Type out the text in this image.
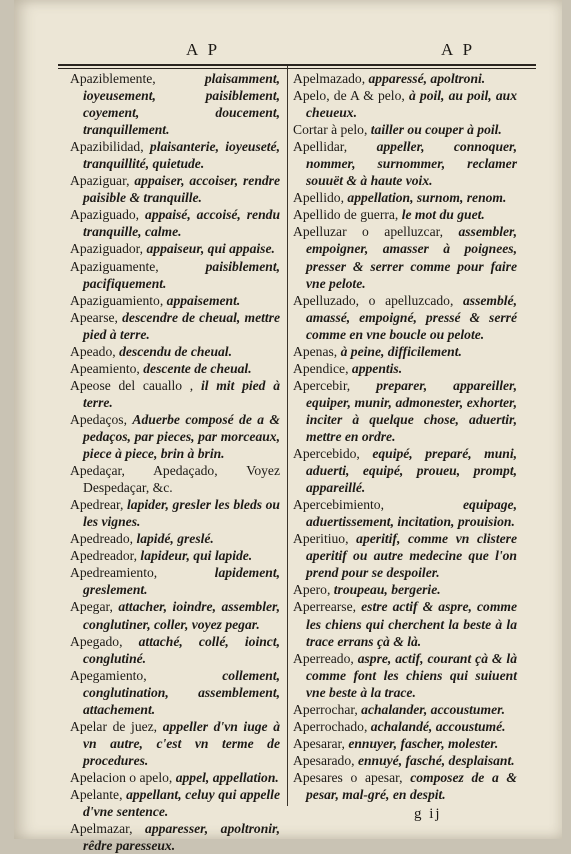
A P	A P

Apaziblemente,	plaisamment, ioyeusement, paisiblement, coyement, doucement, tranquillement.

Apazibilidad, plaisanterie, ioyeuseté, tranquillité, quietude.

Apaziguar, appaiser, accoiser, rendre paisible & tranquille.

Apaziguado, appaisé, accoisé, rendu tranquille, calme.

Apaziguador, appaiseur, qui appaise.

Apaziguamente,	paisiblement, pacifiquement.

Apaziguamiento, appaisement.

Apearse, descendre de cheual, mettre pied à terre.

Apeado, descendu de cheual.

Apeamiento, descente de cheual.

Apeose del cauallo , il mit pied à terre.

Apedaços, Aduerbe composé de a & pedaços, par pieces, par morceaux, piece à piece, brin à brin.

Apedaçar, Apedaçado, Voyez Despedaçar, &c.

Apedrear, lapider, gresler les bleds ou les vignes.

Apedreado, lapidé, greslé.

Apedreador, lapideur, qui lapide.

Apedreamiento,	lapidement, greslement.

Apegar, attacher, ioindre, assembler, conglutiner, coller, voyez pegar.

Apegado, attaché, collé, ioinct, conglutiné.

Apegamiento,	collement, conglutination, assemblement, attachement.

Apelar de juez, appeller d'vn iuge à vn autre, c'est vn terme de procedures.

Apelacion o apelo, appel, appellation.

Apelante, appellant, celuy qui appelle d'vne sentence.

Apelmazar, apparesser, apoltronir, rêdre paresseux.

Apelmazado, apparessé, apoltroni.

Apelo, de A & pelo, à poil, au poil, aux cheueux.

Cortar à pelo, tailler ou couper à poil.

Apellidar, appeller, connoquer, nommer, surnommer, reclamer souuët & à haute voix.

Apellido, appellation, surnom, renom.

Apellido de guerra, le mot du guet.

Apelluzar o apelluzcar, assembler, empoigner, amasser à poignees, presser & serrer comme pour faire vne pelote.

Apelluzado, o apelluzcado, assemblé, amassé, empoigné, pressé & serré comme en vne boucle ou pelote.

Apenas, à peine, difficilement.

Apendice, appentis.

Apercebir, preparer, appareiller, equiper, munir, admonester, exhorter, inciter à quelque chose, aduertir, mettre en ordre.

Apercebido, equipé, preparé, muni, aduerti, equipé, proueu, prompt, appareillé.

Apercebimiento,	equipage, aduertissement, incitation, prouision.

Aperitiuo, aperitif, comme vn clistere aperitif ou autre medecine que l'on prend pour se despoiler.

Apero, troupeau, bergerie.

Aperrearse, estre actif & aspre, comme les chiens qui cherchent la beste à la trace errans çà & là.

Aperreado, aspre, actif, courant çà & là comme font les chiens qui suiuent vne beste à la trace.

Aperrochar, achalander, accoustumer.

Aperrochado, achalandé, accoustumé.

Apesarar, ennuyer, fascher, molester.

Apesarado, ennuyé, fasché, desplaisant.

Apesares o apesar, composez de a & pesar, mal-gré, en despit.

g ij
